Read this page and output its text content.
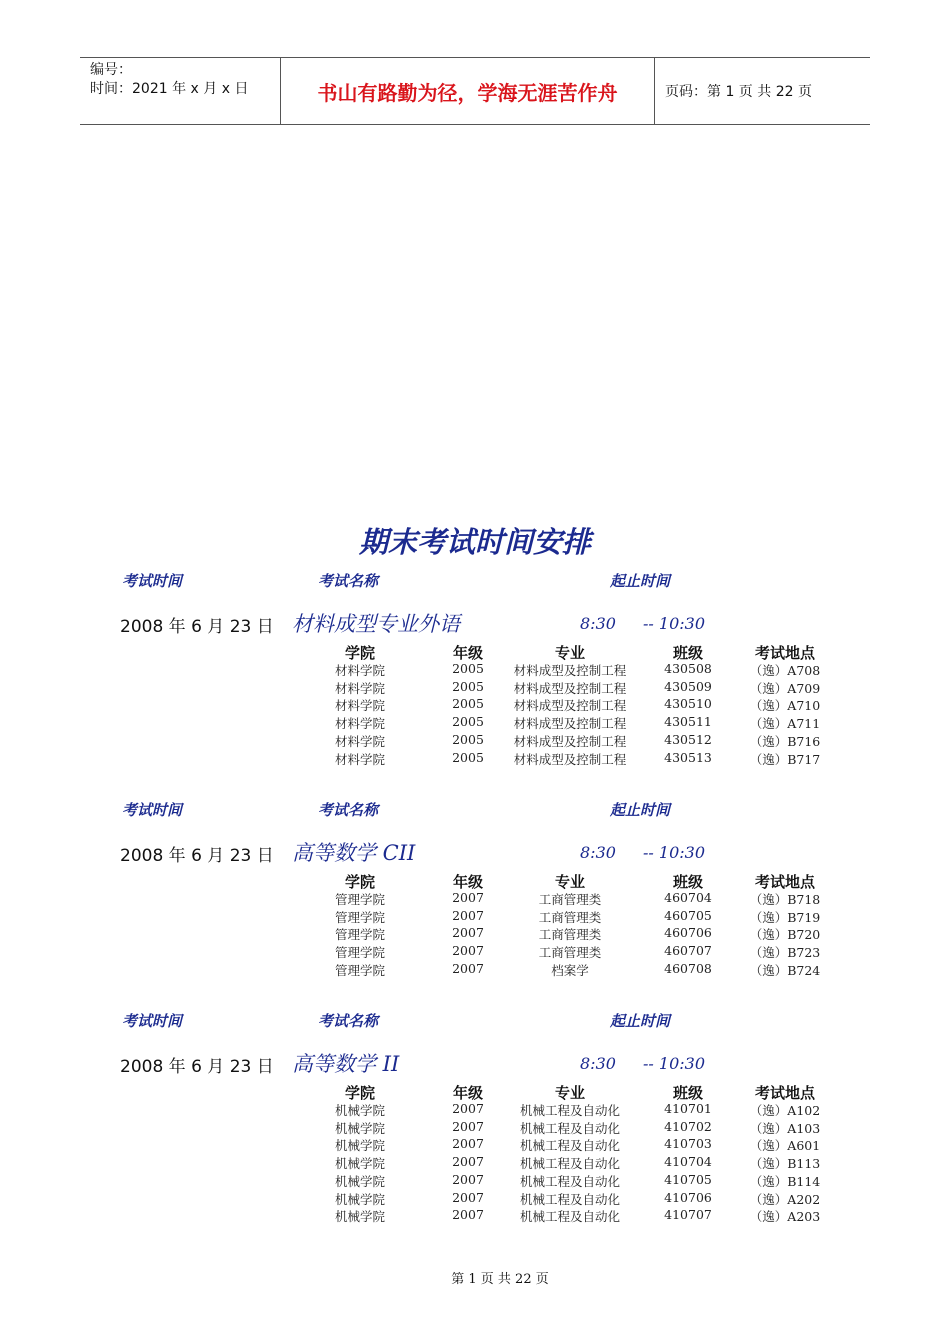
编号：
时间：2021 年 x 月 x 日	书山有路勤为径，学海无涯苦作舟	页码：第 1 页 共 22 页
期末考试时间安排
考试时间	考试名称	起止时间
2008 年 6 月 23 日 材料成型专业外语	8:30 -- 10:30
学院	年级	专业	班级	考试地点
材料学院	2005	材料成型及控制工程	430508	（逸）A708
材料学院	2005	材料成型及控制工程	430509	（逸）A709
材料学院	2005	材料成型及控制工程	430510	（逸）A710
材料学院	2005	材料成型及控制工程	430511	（逸）A711
材料学院	2005	材料成型及控制工程	430512	（逸）B716
材料学院	2005	材料成型及控制工程	430513	（逸）B717
考试时间	考试名称	起止时间
2008 年 6 月 23 日 高等数学 CII	8:30 -- 10:30
学院	年级	专业	班级	考试地点
管理学院	2007	工商管理类	460704	（逸）B718
管理学院	2007	工商管理类	460705	（逸）B719
管理学院	2007	工商管理类	460706	（逸）B720
管理学院	2007	工商管理类	460707	（逸）B723
管理学院	2007	档案学	460708	（逸）B724
考试时间	考试名称	起止时间
2008 年 6 月 23 日 高等数学 II	8:30 -- 10:30
学院	年级	专业	班级	考试地点
机械学院	2007	机械工程及自动化	410701	（逸）A102
机械学院	2007	机械工程及自动化	410702	（逸）A103
机械学院	2007	机械工程及自动化	410703	（逸）A601
机械学院	2007	机械工程及自动化	410704	（逸）B113
机械学院	2007	机械工程及自动化	410705	（逸）B114
机械学院	2007	机械工程及自动化	410706	（逸）A202
机械学院	2007	机械工程及自动化	410707	（逸）A203
第 1 页 共 22 页
